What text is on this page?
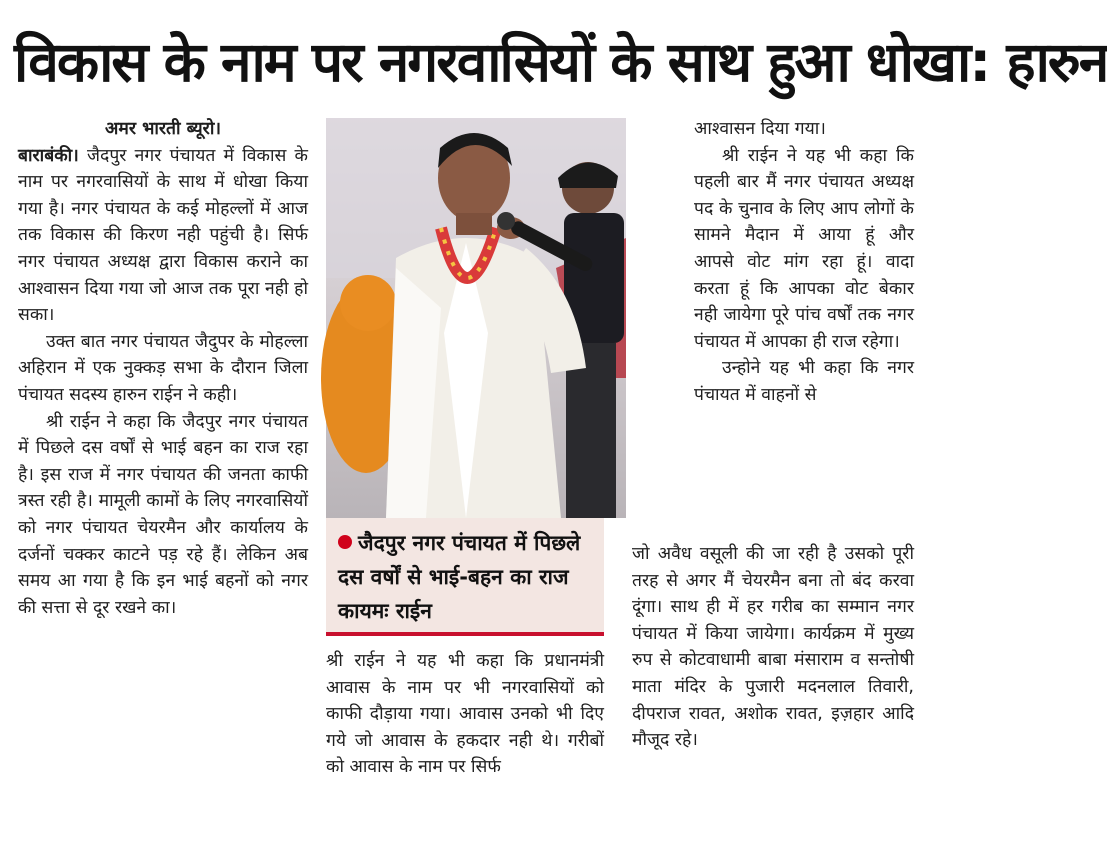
विकास के नाम पर नगरवासियों के साथ हुआ धोखा: हारुन

अमर भारती ब्यूरो।

बाराबंकी। जैदपुर नगर पंचायत में विकास के नाम पर नगरवासियों के साथ में धोखा किया गया है। नगर पंचायत के कई मोहल्लों में आज तक विकास की किरण नही पहुंची है। सिर्फ नगर पंचायत अध्यक्ष द्वारा विकास कराने का आश्वासन दिया गया जो आज तक पूरा नही हो सका।

उक्त बात नगर पंचायत जैदुपर के मोहल्ला अहिरान में एक नुक्कड़ सभा के दौरान जिला पंचायत सदस्य हारुन राईन ने कही।

श्री राईन ने कहा कि जैदपुर नगर पंचायत में पिछले दस वर्षों से भाई बहन का राज रहा है। इस राज में नगर पंचायत की जनता काफी त्रस्त रही है। मामूली कामों के लिए नगरवासियों को नगर पंचायत चेयरमैन और कार्यालय के दर्जनों चक्कर काटने पड़ रहे हैं। लेकिन अब समय आ गया है कि इन भाई बहनों को नगर की सत्ता से दूर रखने का।

जैदपुर नगर पंचायत में पिछले दस वर्षों से भाई-बहन का राज कायमः राईन

श्री राईन ने यह भी कहा कि प्रधानमंत्री आवास के नाम पर भी नगरवासियों को काफी दौड़ाया गया। आवास उनको भी दिए गये जो आवास के हकदार नही थे। गरीबों को आवास के नाम पर सिर्फ

आश्वासन दिया गया।

श्री राईन ने यह भी कहा कि पहली बार मैं नगर पंचायत अध्यक्ष पद के चुनाव के लिए आप लोगों के सामने मैदान में आया हूं और आपसे वोट मांग रहा हूं। वादा करता हूं कि आपका वोट बेकार नही जायेगा पूरे पांच वर्षों तक नगर पंचायत में आपका ही राज रहेगा।

उन्होने यह भी कहा कि नगर पंचायत में वाहनों से

जो अवैध वसूली की जा रही है उसको पूरी तरह से अगर मैं चेयरमैन बना तो बंद करवा दूंगा। साथ ही में हर गरीब का सम्मान नगर पंचायत में किया जायेगा। कार्यक्रम में मुख्य रुप से कोटवाधामी बाबा मंसाराम व सन्तोषी माता मंदिर के पुजारी मदनलाल तिवारी, दीपराज रावत, अशोक रावत, इज़हार आदि मौजूद रहे।
